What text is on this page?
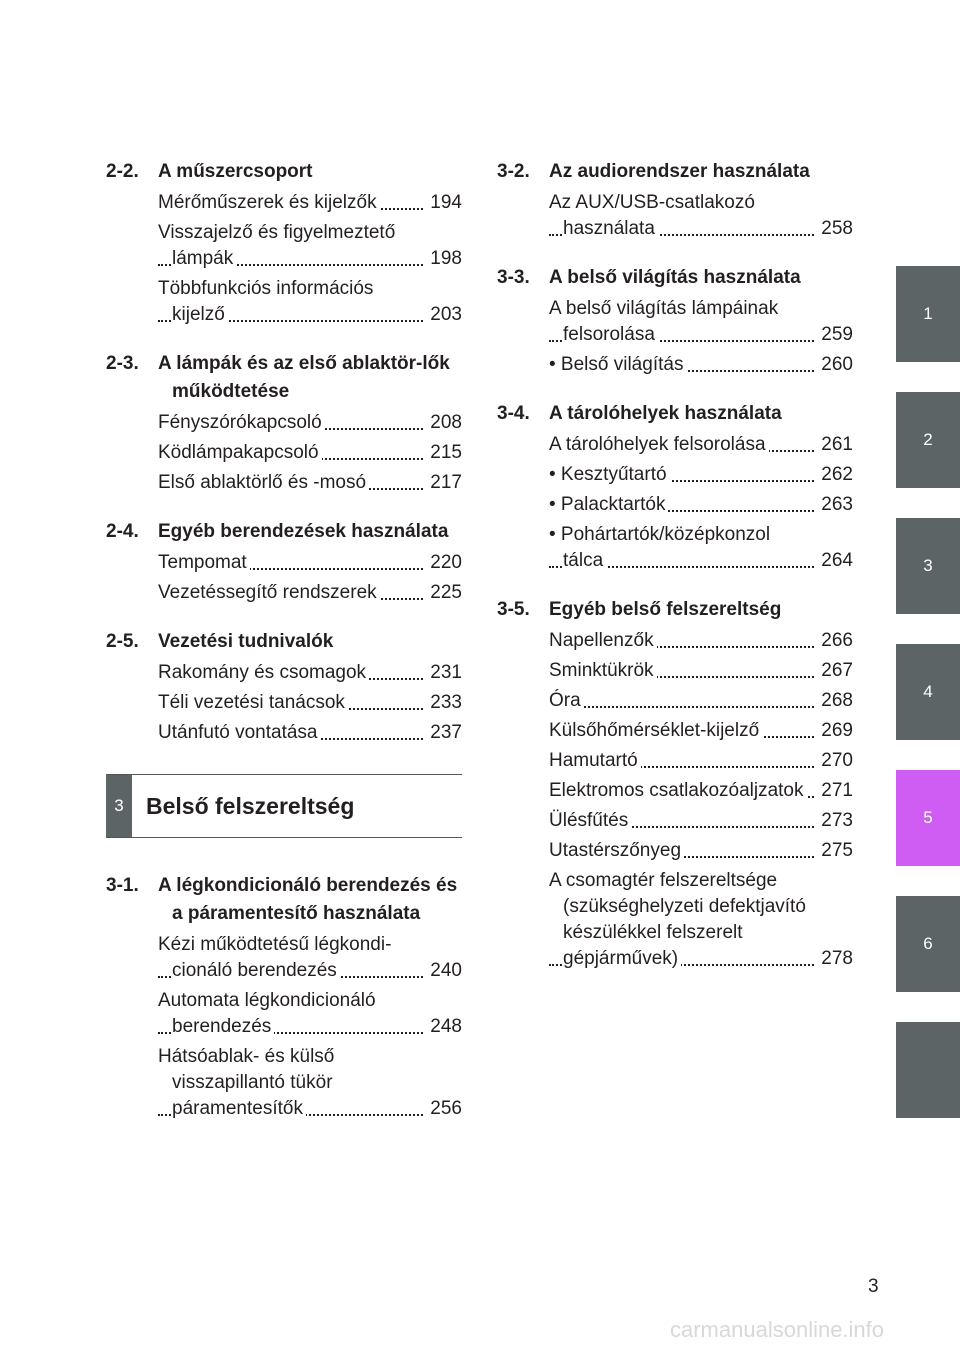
2-2.	A műszercsoport
Mérőműszerek és kijelzők	194
Visszajelző és figyelmeztető lámpák	198
Többfunkciós információs kijelző	203
2-3.	A lámpák és az első ablaktör-lők működtetése
Fényszórókapcsoló	208
Ködlámpakapcsoló	215
Első ablaktörlő és -mosó	217
2-4.	Egyéb berendezések használata
Tempomat	220
Vezetéssegítő rendszerek	225
2-5.	Vezetési tudnivalók
Rakomány és csomagok	231
Téli vezetési tanácsok	233
Utánfutó vontatása	237
3 Belső felszereltség
3-1.	A légkondicionáló berendezés és a páramentesítő használata
Kézi működtetésű légkondi-cionáló berendezés	240
Automata légkondicionáló berendezés	248
Hátsóablak- és külső visszapillantó tükör páramentesítők	256
3-2.	Az audiorendszer használata
Az AUX/USB-csatlakozó használata	258
3-3.	A belső világítás használata
A belső világítás lámpáinak felsorolása	259
• Belső világítás	260
3-4.	A tárolóhelyek használata
A tárolóhelyek felsorolása	261
• Kesztyűtartó	262
• Palacktartók	263
• Pohártartók/középkonzol tálca	264
3-5.	Egyéb belső felszereltség
Napellenzők	266
Sminktükrök	267
Óra	268
Külsőhőmérséklet-kijelző	269
Hamutartó	270
Elektromos csatlakozóaljzatok 271
Ülésfűtés	273
Utastérszőnyeg	275
A csomagtér felszereltsége (szükséghelyzeti defektjavító készülékkel felszerelt gépjárművek)	278
1
2
3
4
5
6
3
carmanualsonline.info
